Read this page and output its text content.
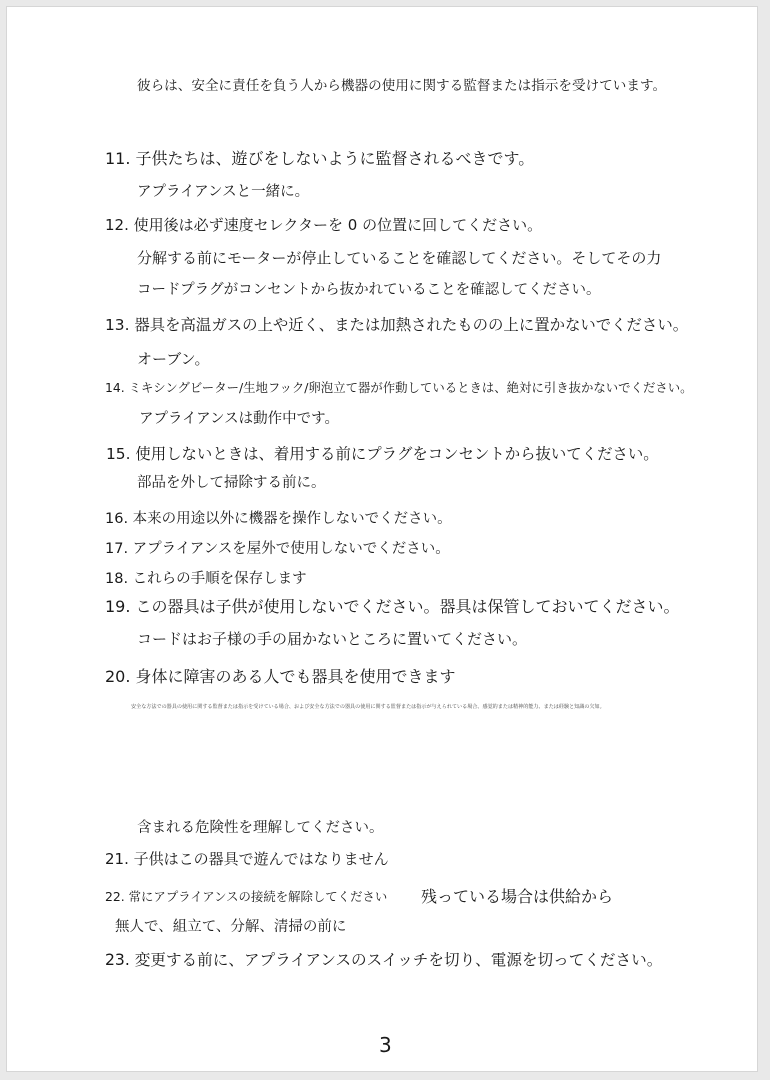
彼らは、安全に責任を負う人から機器の使用に関する監督または指示を受けています。
11. 子供たちは、遊びをしないように監督されるべきです。
アプライアンスと一緒に。
12. 使用後は必ず速度セレクターを 0 の位置に回してください。
分解する前にモーターが停止していることを確認してください。そしてその力
コードプラグがコンセントから抜かれていることを確認してください。
13. 器具を高温ガスの上や近く、または加熱されたものの上に置かないでください。
オーブン。
14. ミキシングビーター/生地フック/卵泡立て器が作動しているときは、絶対に引き抜かないでください。
アプライアンスは動作中です。
15. 使用しないときは、着用する前にプラグをコンセントから抜いてください。
部品を外して掃除する前に。
16. 本来の用途以外に機器を操作しないでください。
17. アプライアンスを屋外で使用しないでください。
18. これらの手順を保存します
19. この器具は子供が使用しないでください。器具は保管しておいてください。
コードはお子様の手の届かないところに置いてください。
20. 身体に障害のある人でも器具を使用できます
安全な方法での器具の使用に関する監督または指示を受けている場合、および安全な方法での器具の使用に関する監督または指示が与えられている場合、感覚的または精神的能力、または経験と知識の欠如。
含まれる危険性を理解してください。
21. 子供はこの器具で遊んではなりません
22. 常にアプライアンスの接続を解除してください 残っている場合は供給から
無人で、組立て、分解、清掃の前に
23. 変更する前に、アプライアンスのスイッチを切り、電源を切ってください。
3
